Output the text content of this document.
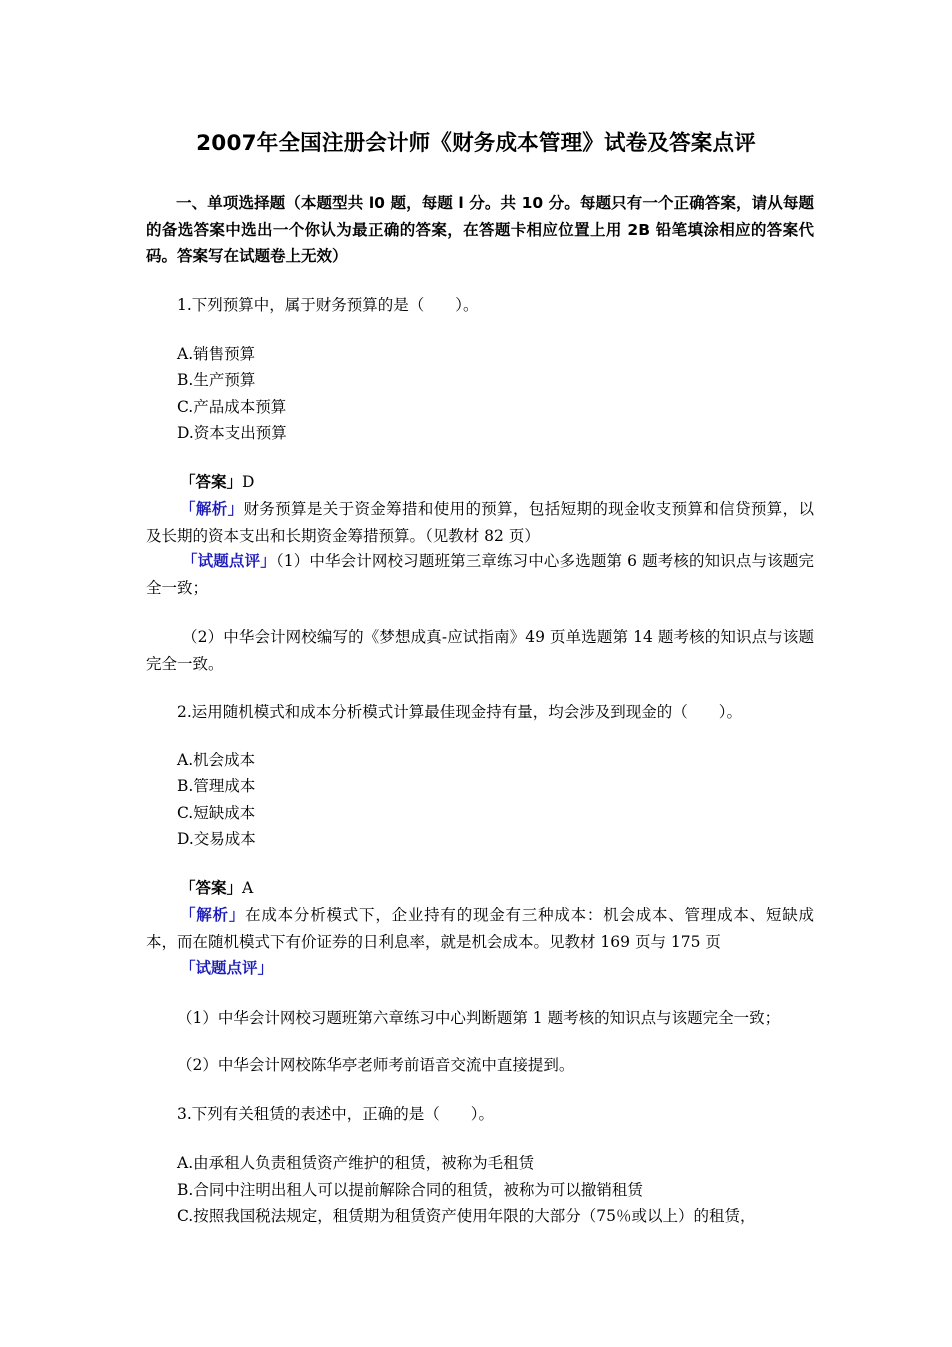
2007年全国注册会计师《财务成本管理》试卷及答案点评
一、单项选择题（本题型共 l0 题，每题 l 分。共 10 分。每题只有一个正确答案，请从每题的备选答案中选出一个你认为最正确的答案，在答题卡相应位置上用 2B 铅笔填涂相应的答案代码。答案写在试题卷上无效）
1.下列预算中，属于财务预算的是（　　）。
A.销售预算
B.生产预算
C.产品成本预算
D.资本支出预算
「答案」D
「解析」财务预算是关于资金筹措和使用的预算，包括短期的现金收支预算和信贷预算，以及长期的资本支出和长期资金筹措预算。（见教材 82 页）
「试题点评」（1）中华会计网校习题班第三章练习中心多选题第 6 题考核的知识点与该题完全一致；
（2）中华会计网校编写的《梦想成真-应试指南》49 页单选题第 14 题考核的知识点与该题完全一致。
2.运用随机模式和成本分析模式计算最佳现金持有量，均会涉及到现金的（　　）。
A.机会成本
B.管理成本
C.短缺成本
D.交易成本
「答案」A
「解析」在成本分析模式下，企业持有的现金有三种成本：机会成本、管理成本、短缺成本，而在随机模式下有价证券的日利息率，就是机会成本。见教材 169 页与 175 页
「试题点评」
（1）中华会计网校习题班第六章练习中心判断题第 1 题考核的知识点与该题完全一致；
（2）中华会计网校陈华亭老师考前语音交流中直接提到。
3.下列有关租赁的表述中，正确的是（　　）。
A.由承租人负责租赁资产维护的租赁，被称为毛租赁
B.合同中注明出租人可以提前解除合同的租赁，被称为可以撤销租赁
C.按照我国税法规定，租赁期为租赁资产使用年限的大部分（75％或以上）的租赁，
